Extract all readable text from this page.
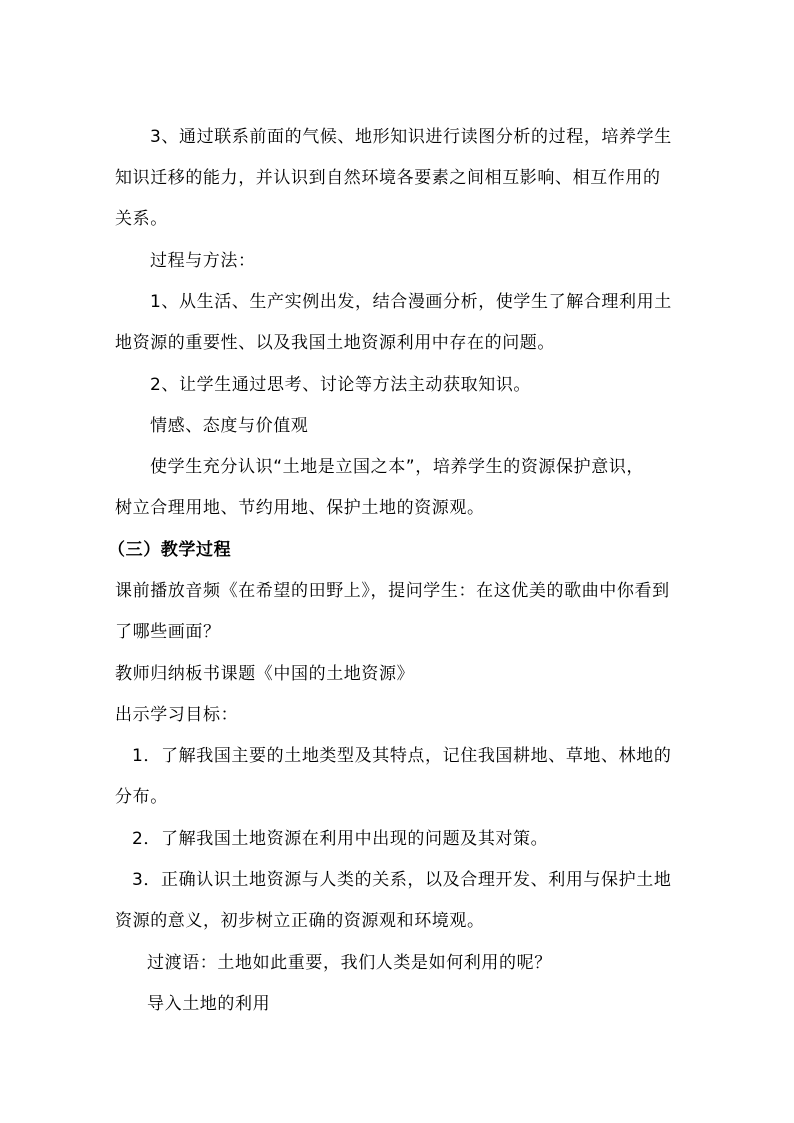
3、通过联系前面的气候、地形知识进行读图分析的过程，培养学生
知识迁移的能力，并认识到自然环境各要素之间相互影响、相互作用的
关系。
过程与方法：
1、从生活、生产实例出发，结合漫画分析，使学生了解合理利用土
地资源的重要性、以及我国土地资源利用中存在的问题。
2、让学生通过思考、讨论等方法主动获取知识。
情感、态度与价值观
使学生充分认识“土地是立国之本”，培养学生的资源保护意识，
树立合理用地、节约用地、保护土地的资源观。
（三）教学过程
课前播放音频《在希望的田野上》，提问学生：在这优美的歌曲中你看到
了哪些画面？
教师归纳板书课题《中国的土地资源》
出示学习目标：
1．了解我国主要的土地类型及其特点，记住我国耕地、草地、林地的
分布。
2．了解我国土地资源在利用中出现的问题及其对策。
3．正确认识土地资源与人类的关系，以及合理开发、利用与保护土地
资源的意义，初步树立正确的资源观和环境观。
过渡语：土地如此重要，我们人类是如何利用的呢？
导入土地的利用
